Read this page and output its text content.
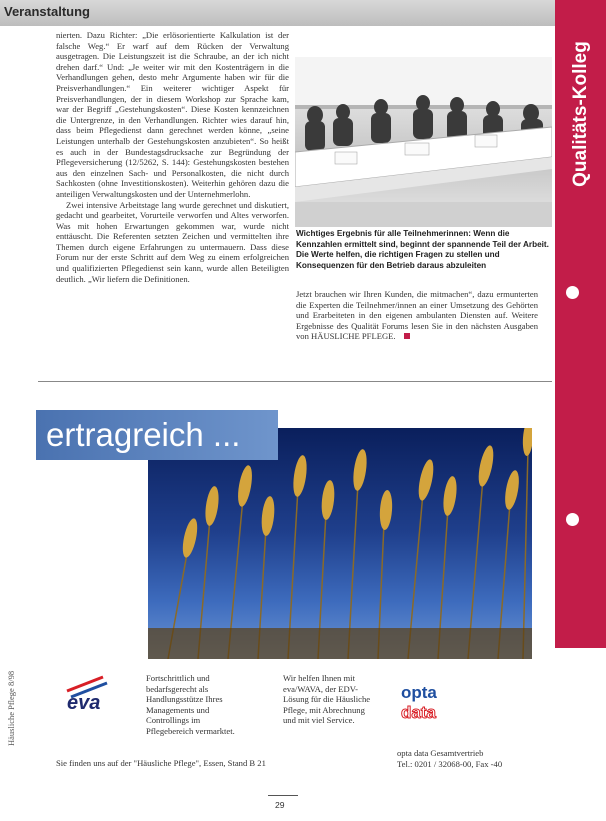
Veranstaltung
Qualitäts-Kolleg

nierten. Dazu Richter: „Die erlösorientierte Kalkulation ist der falsche Weg.“ Er warf auf dem Rücken der Verwaltung ausgetragen. Die Leistungszeit ist die Schraube, an der ich nicht drehen darf.“ Und: „Je weiter wir mit den Kostenträgern in die Verhandlungen gehen, desto mehr Argumente haben wir für die Preisverhandlungen.“ Ein weiterer wichtiger Aspekt für Preisverhandlungen, der in diesem Workshop zur Sprache kam, war der Begriff „Gestehungskosten“. Diese Kosten kennzeichnen die Untergrenze, in den Verhandlungen. Richter wies darauf hin, dass beim Pflegedienst dann gerechnet werden könne, „seine Leistungen unterhalb der Gestehungskosten anzubieten“. So heißt es auch in der Bundestagsdrucksache zur Begründung der Pflegeversicherung (12/5262, S. 144): Gestehungskosten bestehen aus den einzelnen Sach- und Personalkosten, die nicht durch Sachkosten (ohne Investitionskosten). Weiterhin gehören dazu die anteiligen Verwaltungskosten und der Unternehmerlohn.

Zwei intensive Arbeitstage lang wurde gerechnet und diskutiert, gedacht und gearbeitet, Vorurteile verworfen und Altes verworfen. Was mit hohen Erwartungen gekommen war, wurde nicht enttäuscht. Die Referenten setzten Zeichen und vermittelten ihre Themen durch eigene Erfahrungen zu untermauern. Dass diese Forum nur der erste Schritt auf dem Weg zu einem erfolgreichen und qualifizierten Pflegedienst sein kann, wurde allen Beteiligten deutlich. „Wir liefern die Definitionen.

Wichtiges Ergebnis für alle Teilnehmerinnen: Wenn die Kennzahlen ermittelt sind, beginnt der spannende Teil der Arbeit. Die Werte helfen, die richtigen Fragen zu stellen und Konsequenzen für den Betrieb daraus abzuleiten
Jetzt brauchen wir Ihren Kunden, die mitmachen“, dazu ermunterten die Experten die Teilnehmer/innen an einer Umsetzung des Gehörten und Erarbeiteten in den eigenen ambulanten Diensten auf. Weitere Ergebnisse des Qualität Forums lesen Sie in den nächsten Ausgaben von HÄUSLICHE PFLEGE.
ertragreich ...
eva
Fortschrittlich und bedarfsgerecht als Handlungsstütze Ihres Managements und Controllings im Pflegebereich vermarktet.
opta
data
Wir helfen Ihnen mit eva/WAVA, der EDV-Lösung für die Häusliche Pflege, mit Abrechnung und mit viel Service.
Sie finden uns auf der "Häusliche Pflege", Essen, Stand B 21
opta data Gesamtvertrieb
Tel.: 0201 / 32068-00, Fax -40
Häusliche Pflege 8/98
29
